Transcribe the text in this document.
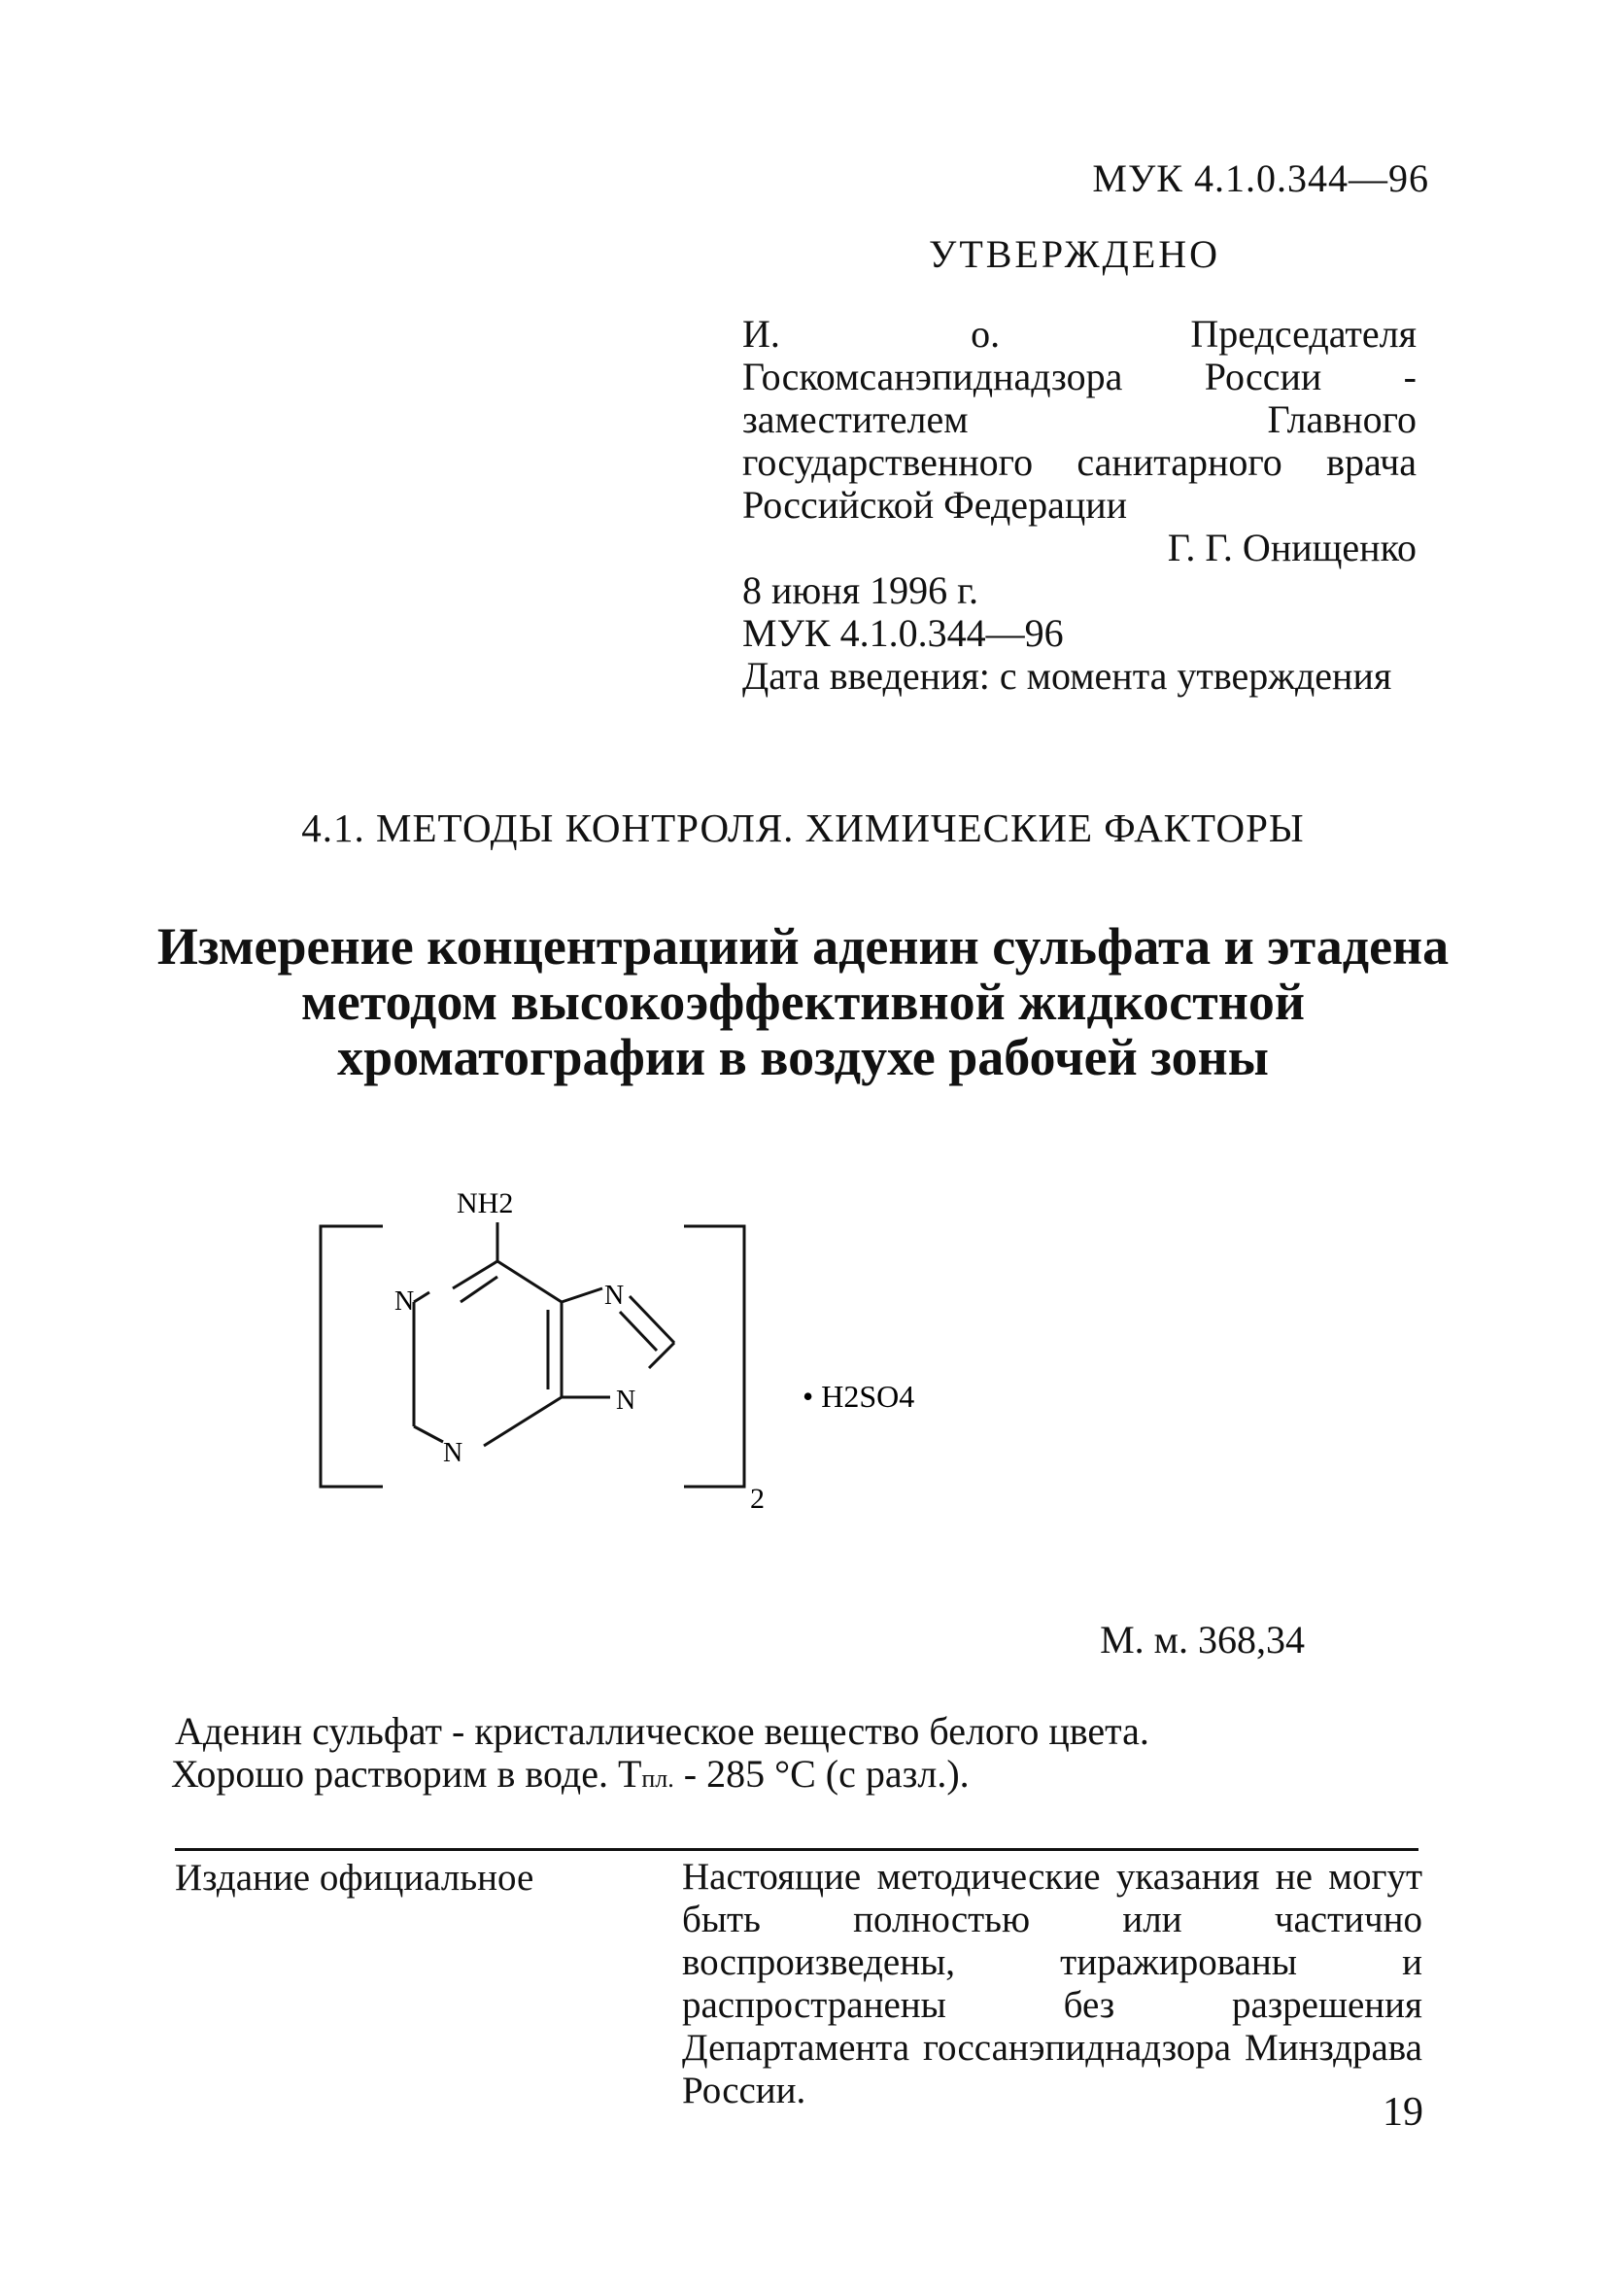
МУК 4.1.0.344—96
УТВЕРЖДЕНО
И. о. Председателя Госкомсанэпиднадзора России - заместителем Главного государственного санитарного врача Российской Федерации
Г. Г. Онищенко
8 июня 1996 г.
МУК 4.1.0.344—96
Дата введения: с момента утверждения
4.1. МЕТОДЫ КОНТРОЛЯ. ХИМИЧЕСКИЕ ФАКТОРЫ
Измерение концентрациий аденин сульфата и этадена методом высокоэффективной жидкостной хроматографии в воздухе рабочей зоны
NH2
N
N
N
N
2
• H2SO4
М. м. 368,34
Аденин сульфат - кристаллическое вещество белого цвета.
Хорошо растворим в воде. Тпл. - 285 °С (с разл.).
Издание официальное	Настоящие методические указания не могут быть полностью или частично воспроизведены, тиражированы и распространены без разрешения Департамента госсанэпиднадзора Минздрава России.	19
